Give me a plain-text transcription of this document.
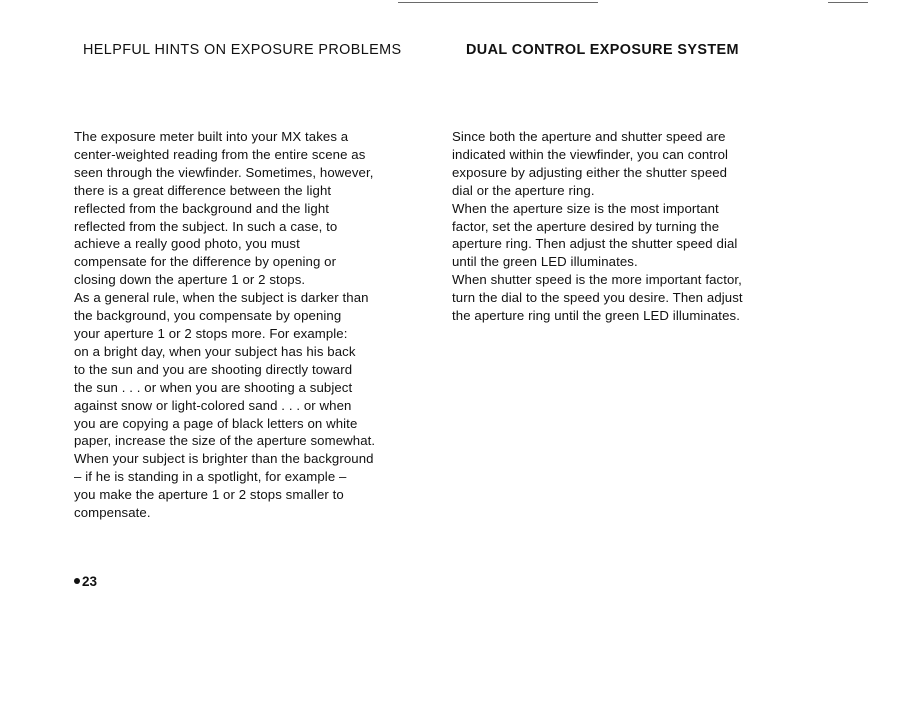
HELPFUL HINTS ON EXPOSURE PROBLEMS	DUAL CONTROL EXPOSURE SYSTEM
The exposure meter built into your MX takes a
center-weighted reading from the entire scene as
seen through the viewfinder. Sometimes, however,
there is a great difference between the light
reflected from the background and the light
reflected from the subject. In such a case, to
achieve a really good photo, you must
compensate for the difference by opening or
closing down the aperture 1 or 2 stops.
As a general rule, when the subject is darker than
the background, you compensate by opening
your aperture 1 or 2 stops more. For example:
on a bright day, when your subject has his back
to the sun and you are shooting directly toward
the sun . . . or when you are shooting a subject
against snow or light-colored sand . . . or when
you are copying a page of black letters on white
paper, increase the size of the aperture somewhat.
When your subject is brighter than the background
– if he is standing in a spotlight, for example –
you make the aperture 1 or 2 stops smaller to
compensate.
Since both the aperture and shutter speed are
indicated within the viewfinder, you can control
exposure by adjusting either the shutter speed
dial or the aperture ring.
When the aperture size is the most important
factor, set the aperture desired by turning the
aperture ring. Then adjust the shutter speed dial
until the green LED illuminates.
When shutter speed is the more important factor,
turn the dial to the speed you desire. Then adjust
the aperture ring until the green LED illuminates.
23
